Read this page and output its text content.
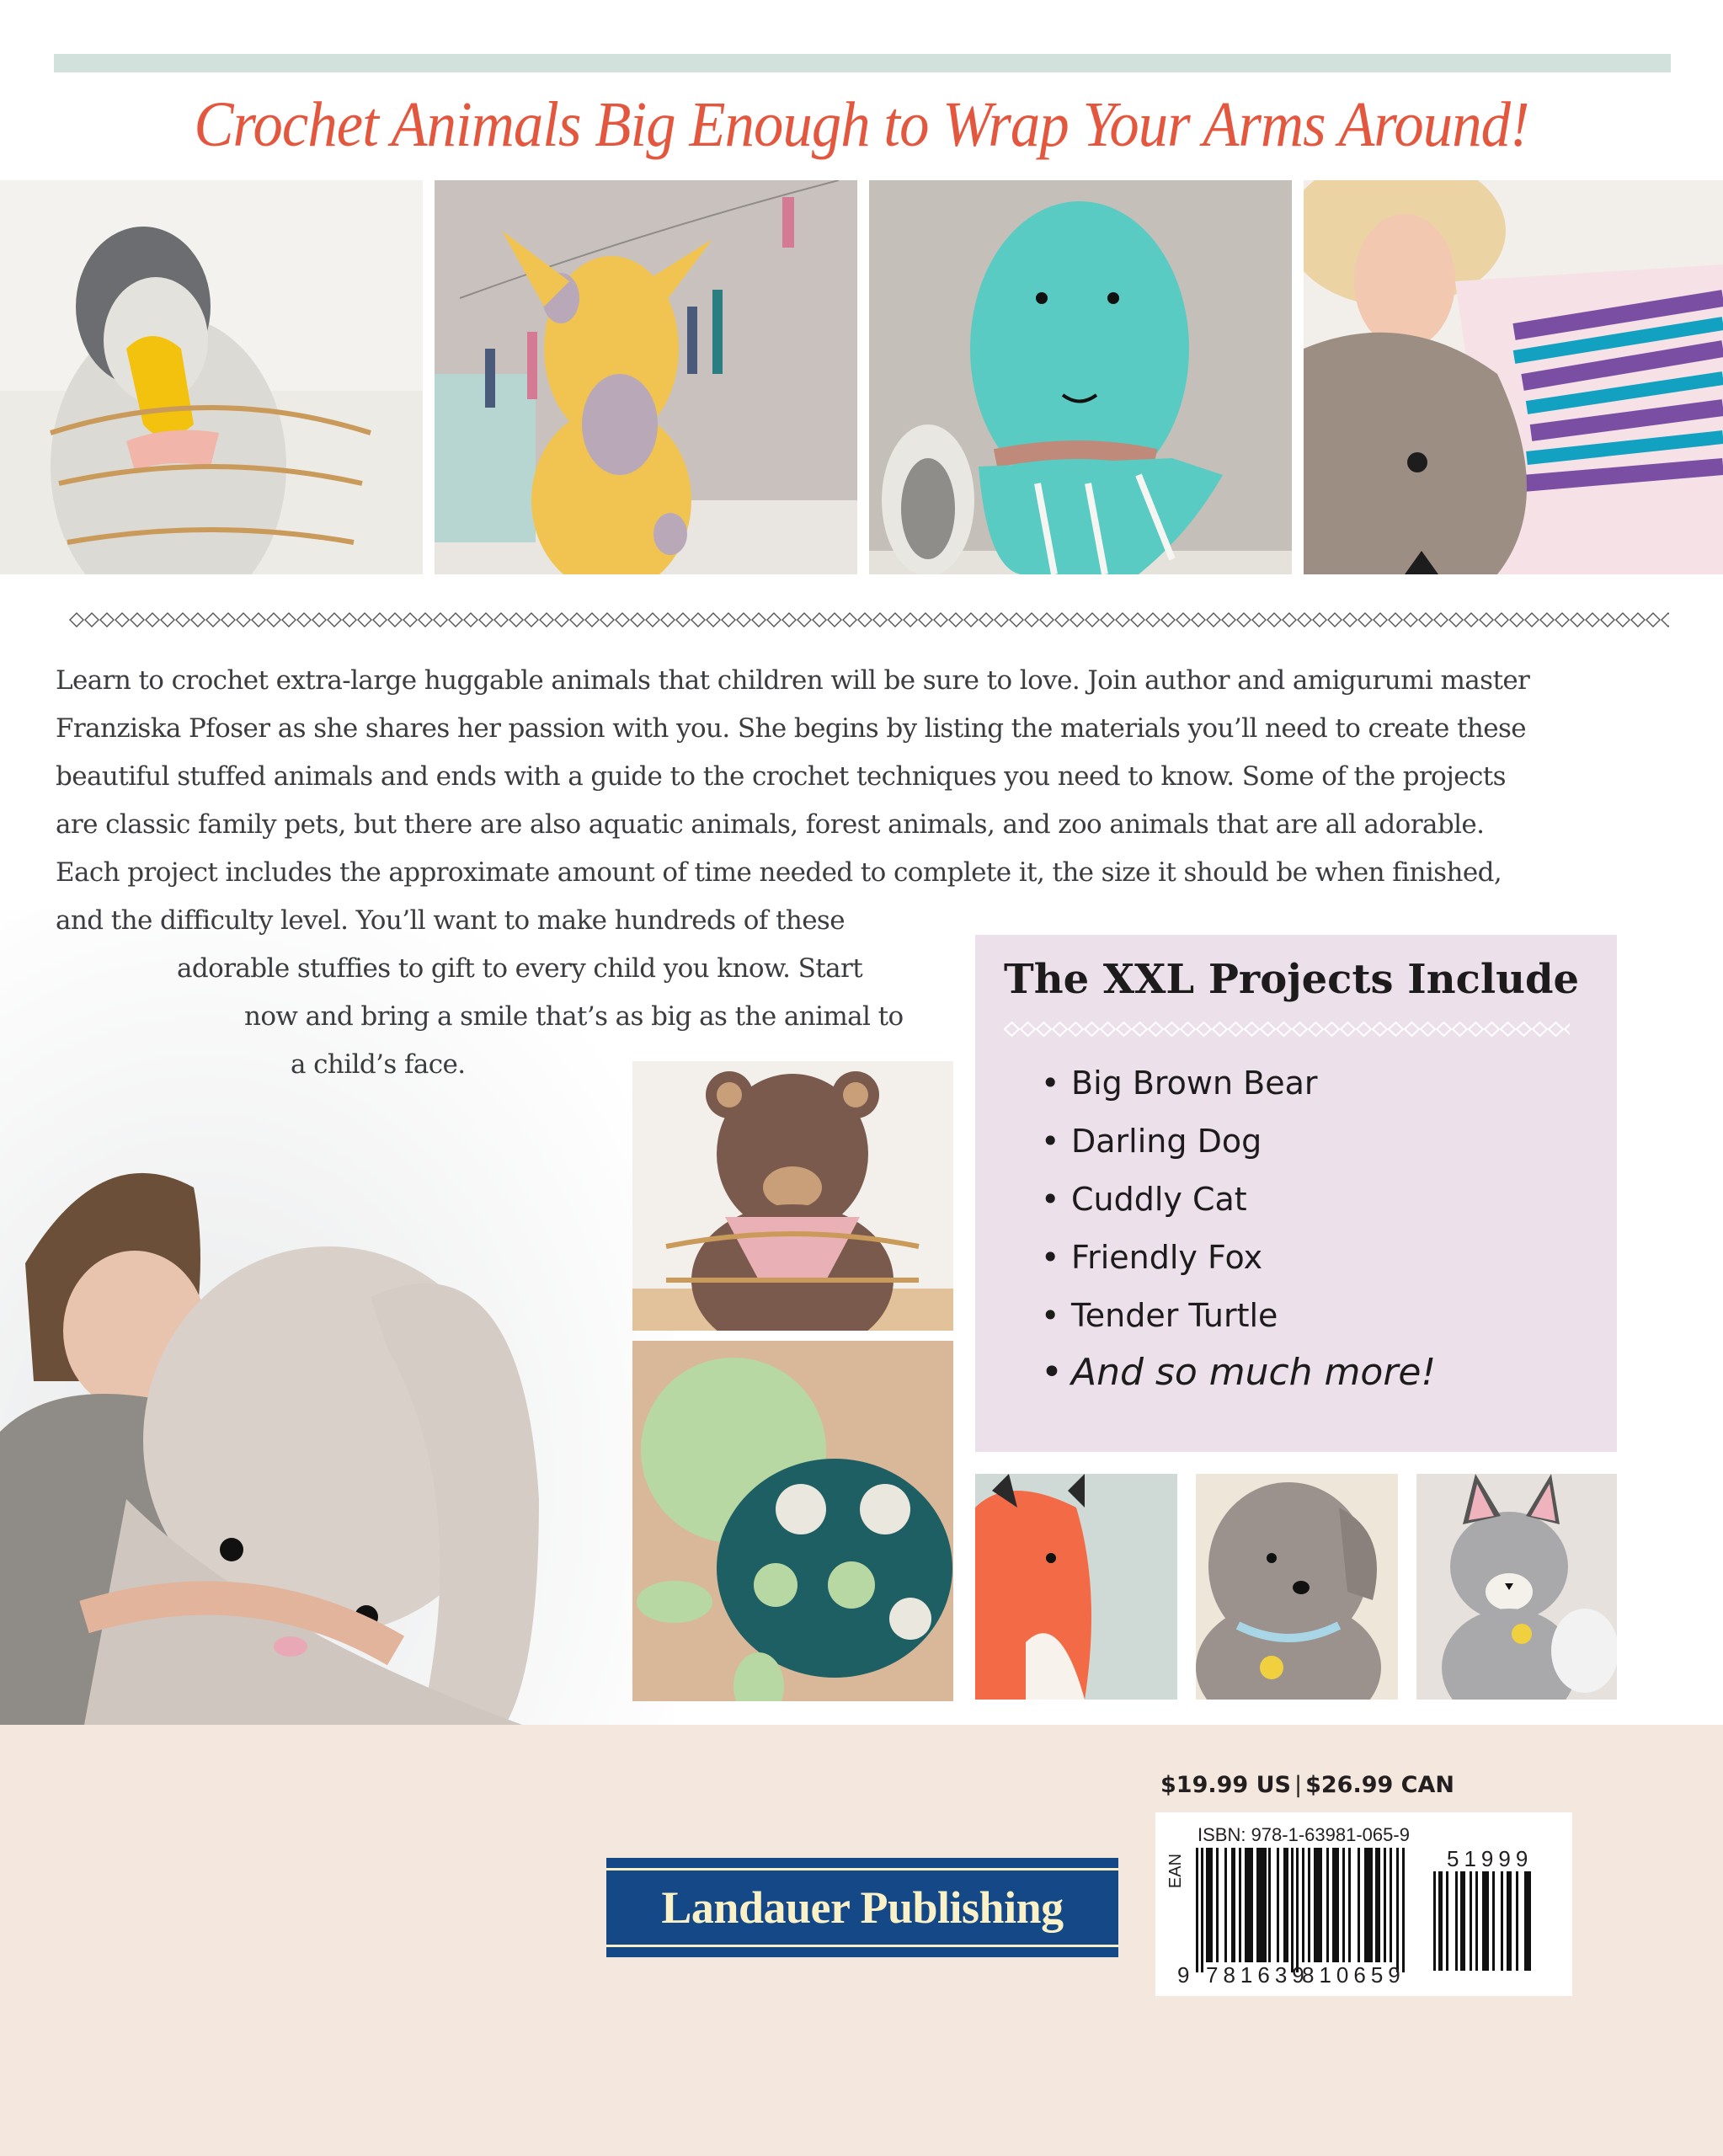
Crochet Animals Big Enough to Wrap Your Arms Around!
Learn to crochet extra-large huggable animals that children will be sure to love. Join author and amigurumi master
Franziska Pfoser as she shares her passion with you. She begins by listing the materials you’ll need to create these
beautiful stuffed animals and ends with a guide to the crochet techniques you need to know. Some of the projects
are classic family pets, but there are also aquatic animals, forest animals, and zoo animals that are all adorable.
Each project includes the approximate amount of time needed to complete it, the size it should be when finished,
and the difficulty level. You’ll want to make hundreds of these
adorable stuffies to gift to every child you know. Start
now and bring a smile that’s as big as the animal to
a child’s face.
The XXL Projects Include
• Big Brown Bear
• Darling Dog
• Cuddly Cat
• Friendly Fox
• Tender Turtle
• And so much more!
$19.99 US | $26.99 CAN
ISBN: 978-1-63981-065-9
EAN
9 781639
810659
51999
Landauer Publishing
